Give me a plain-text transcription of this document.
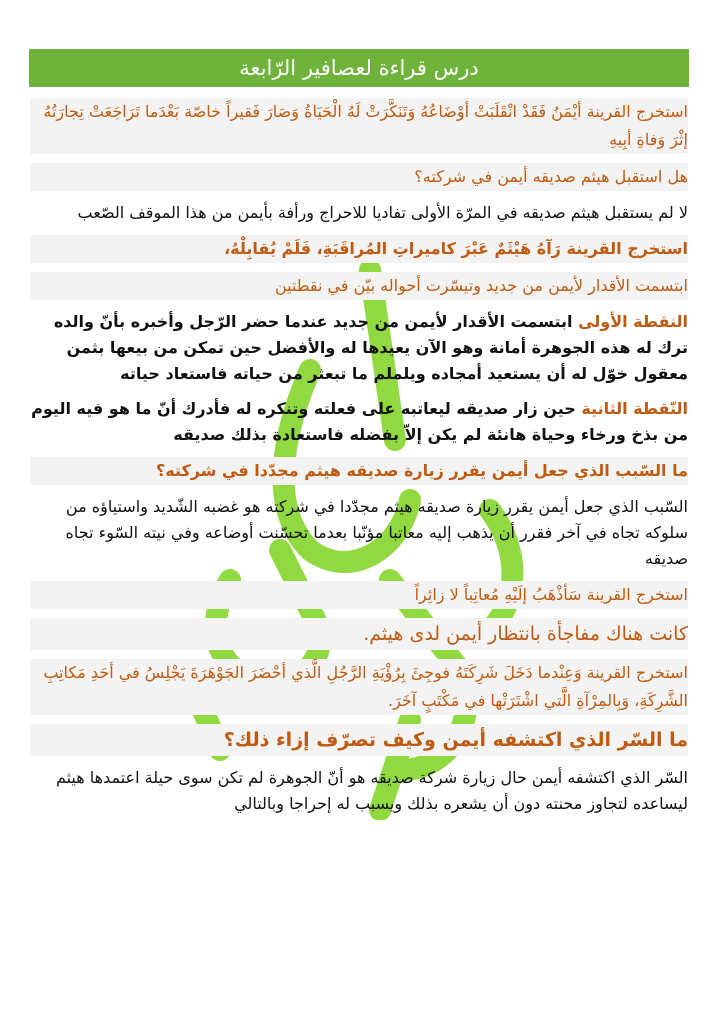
درس قراءة لعصافير الرّابعة

استخرج القرينة أيْمَنُ فَقَدْ انْقَلَبَتْ أوْضَاعُهُ وَتَنَكَّرَتْ لَهُ الْحَيَاةُ وَصَارَ فَقيراً خاصّة بَعْدَما تَرَاجَعَتْ تِجارَتُهُ إثْرَ وَفاةِ أبِيهِ

هل استقبل هيثم صديقه أيمن في شركته؟

لا لم يستقبل هيثم صديقه في المرّة الأولى تفاديا للاحراج ورأفة بأيمن من هذا الموقف الصّعب

استخرج القرينة رَآهُ هَيْثَمٌ عَبْرَ كاميراتِ المُراقَبَةِ، فَلَمْ يُقابِلْهُ،

ابتسمت الأقدار لأيمن من جديد وتيسّرت أحواله بيّن في نقطتين

النقطة الأولى ابتسمت الأقدار لأيمن من جديد عندما حضر الرّجل وأخبره بأنّ والده ترك له هذه الجوهرة أمانة وهو الآن يعيدها له والأفضل حين تمكن من بيعها بثمن معقول خوّل له أن يستعيد أمجاده ويلملم ما تبعثر من حياته فاستعاد حياته

النّقطة الثانية حين زار صديقه ليعاتبه على فعلته وتنكره له فأدرك أنّ ما هو فيه اليوم من بذخ ورخاء وحياة هانئة لم يكن إلاّ بفضله فاستعادة بذلك صديقه

ما السّبب الذي جعل أيمن يقرر زيارة صديقه هيثم مجدّدا في شركته؟

السّبب الذي جعل أيمن يقرر زيارة صديقه هيثم مجدّدا في شركته هو غضبه الشّديد واستياؤه من سلوكه تجاه في آخر فقرر أن يذهب إليه معاتبا مؤنّبا بعدما تحسّنت أوضاعه وفي نيته السّوء تجاه صديقه

استخرج القرينة سَأذْهَبُ إلَيْهِ مُعاتِباً لا زائِراً

كانت هناك مفاجأة بانتظار أيمن لدى هيثم.

استخرج القرينة وَعِنْدما دَخَلَ شَرِكَتَهُ فوجِئَ بِرُؤْيَةِ الرَّجُلِ الَّذي أحْضَرَ الجَوْهَرَةَ يَجْلِسُ في أحَدِ مَكاتِبِ الشَّرِكَةِ، وَبِالمِرْآةِ الَّتي اشْتَرَتْها في مَكْتَبٍ آخَرَ.

ما السّر الذي اكتشفه أيمن وكيف تصرّف إزاء ذلك؟

السّر الذي اكتشفه أيمن حال زيارة شركة صديقه هو أنّ الجوهرة لم تكن سوى حيلة اعتمدها هيثم ليساعده لتجاوز محنته دون أن يشعره بذلك ويسبب له إحراجا وبالتالي
